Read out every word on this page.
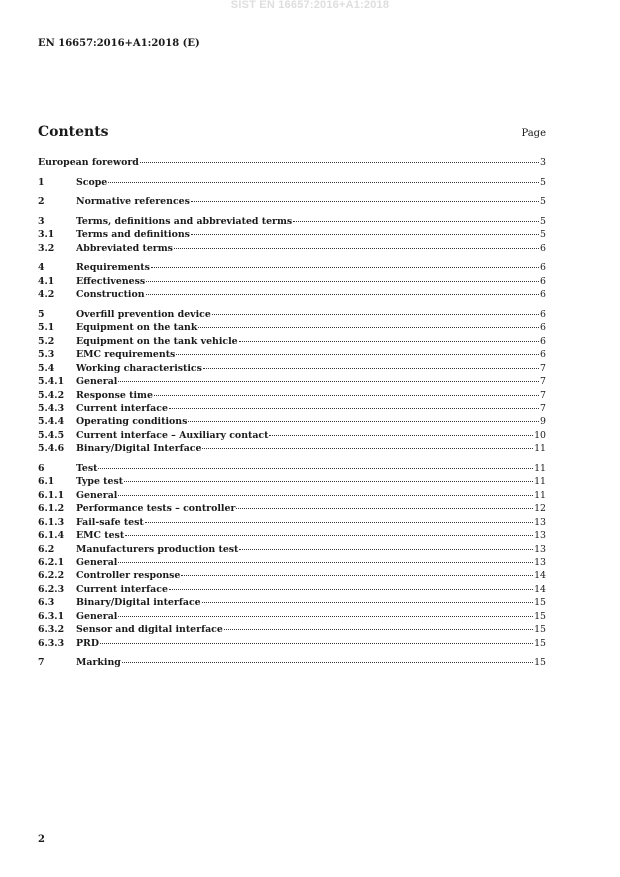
SIST EN 16657:2016+A1:2018
EN 16657:2016+A1:2018 (E)
Contents	Page
European foreword	3
1	Scope	5
2	Normative references	5
3	Terms, definitions and abbreviated terms	5
3.1	Terms and definitions	5
3.2	Abbreviated terms	6
4	Requirements	6
4.1	Effectiveness	6
4.2	Construction	6
5	Overfill prevention device	6
5.1	Equipment on the tank	6
5.2	Equipment on the tank vehicle	6
5.3	EMC requirements	6
5.4	Working characteristics	7
5.4.1	General	7
5.4.2	Response time	7
5.4.3	Current interface	7
5.4.4	Operating conditions	9
5.4.5	Current interface – Auxiliary contact	10
5.4.6	Binary/Digital Interface	11
6	Test	11
6.1	Type test	11
6.1.1	General	11
6.1.2	Performance tests – controller	12
6.1.3	Fail-safe test	13
6.1.4	EMC test	13
6.2	Manufacturers production test	13
6.2.1	General	13
6.2.2	Controller response	14
6.2.3	Current interface	14
6.3	Binary/Digital interface	15
6.3.1	General	15
6.3.2	Sensor and digital interface	15
6.3.3	PRD	15
7	Marking	15
2
